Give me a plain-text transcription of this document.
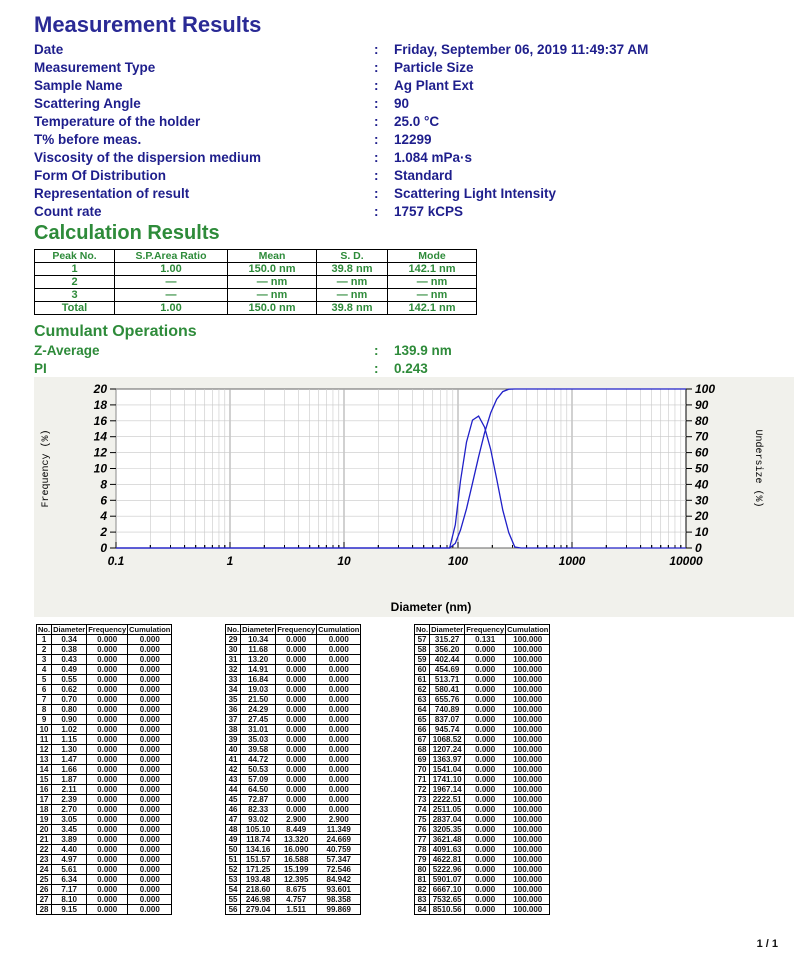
Measurement Results
Date	:	Friday, September 06, 2019 11:49:37 AM
Measurement Type	:	Particle Size
Sample Name	:	Ag Plant Ext
Scattering Angle	:	90
Temperature of the holder	:	25.0 °C
T% before meas.	:	12299
Viscosity of the dispersion medium	:	1.084 mPa·s
Form Of Distribution	:	Standard
Representation of result	:	Scattering Light Intensity
Count rate	:	1757 kCPS
Calculation Results
Peak No.	S.P.Area Ratio	Mean	S. D.	Mode
1	1.00	150.0 nm	39.8 nm	142.1 nm
2	—	— nm	— nm	— nm
3	—	— nm	— nm	— nm
Total	1.00	150.0 nm	39.8 nm	142.1 nm
Cumulant Operations
Z-Average	:	139.9 nm
PI	:	0.243
0
2
4
6
8
10
12
14
16
18
20
0
10
20
30
40
50
60
70
80
90
100
0.1	1	10	100	1000	10000
Diameter (nm)
Frequency (%)	Undersize (%)
No.	Diameter	Frequency	Cumulation
1	0.34	0.000	0.000
2	0.38	0.000	0.000
3	0.43	0.000	0.000
4	0.49	0.000	0.000
5	0.55	0.000	0.000
6	0.62	0.000	0.000
7	0.70	0.000	0.000
8	0.80	0.000	0.000
9	0.90	0.000	0.000
10	1.02	0.000	0.000
11	1.15	0.000	0.000
12	1.30	0.000	0.000
13	1.47	0.000	0.000
14	1.66	0.000	0.000
15	1.87	0.000	0.000
16	2.11	0.000	0.000
17	2.39	0.000	0.000
18	2.70	0.000	0.000
19	3.05	0.000	0.000
20	3.45	0.000	0.000
21	3.89	0.000	0.000
22	4.40	0.000	0.000
23	4.97	0.000	0.000
24	5.61	0.000	0.000
25	6.34	0.000	0.000
26	7.17	0.000	0.000
27	8.10	0.000	0.000
28	9.15	0.000	0.000
No.	Diameter	Frequency	Cumulation
29	10.34	0.000	0.000
30	11.68	0.000	0.000
31	13.20	0.000	0.000
32	14.91	0.000	0.000
33	16.84	0.000	0.000
34	19.03	0.000	0.000
35	21.50	0.000	0.000
36	24.29	0.000	0.000
37	27.45	0.000	0.000
38	31.01	0.000	0.000
39	35.03	0.000	0.000
40	39.58	0.000	0.000
41	44.72	0.000	0.000
42	50.53	0.000	0.000
43	57.09	0.000	0.000
44	64.50	0.000	0.000
45	72.87	0.000	0.000
46	82.33	0.000	0.000
47	93.02	2.900	2.900
48	105.10	8.449	11.349
49	118.74	13.320	24.669
50	134.16	16.090	40.759
51	151.57	16.588	57.347
52	171.25	15.199	72.546
53	193.48	12.395	84.942
54	218.60	8.675	93.601
55	246.98	4.757	98.358
56	279.04	1.511	99.869
No.	Diameter	Frequency	Cumulation
57	315.27	0.131	100.000
58	356.20	0.000	100.000
59	402.44	0.000	100.000
60	454.69	0.000	100.000
61	513.71	0.000	100.000
62	580.41	0.000	100.000
63	655.76	0.000	100.000
64	740.89	0.000	100.000
65	837.07	0.000	100.000
66	945.74	0.000	100.000
67	1068.52	0.000	100.000
68	1207.24	0.000	100.000
69	1363.97	0.000	100.000
70	1541.04	0.000	100.000
71	1741.10	0.000	100.000
72	1967.14	0.000	100.000
73	2222.51	0.000	100.000
74	2511.05	0.000	100.000
75	2837.04	0.000	100.000
76	3205.35	0.000	100.000
77	3621.48	0.000	100.000
78	4091.63	0.000	100.000
79	4622.81	0.000	100.000
80	5222.96	0.000	100.000
81	5901.07	0.000	100.000
82	6667.10	0.000	100.000
83	7532.65	0.000	100.000
84	8510.56	0.000	100.000
1 / 1
